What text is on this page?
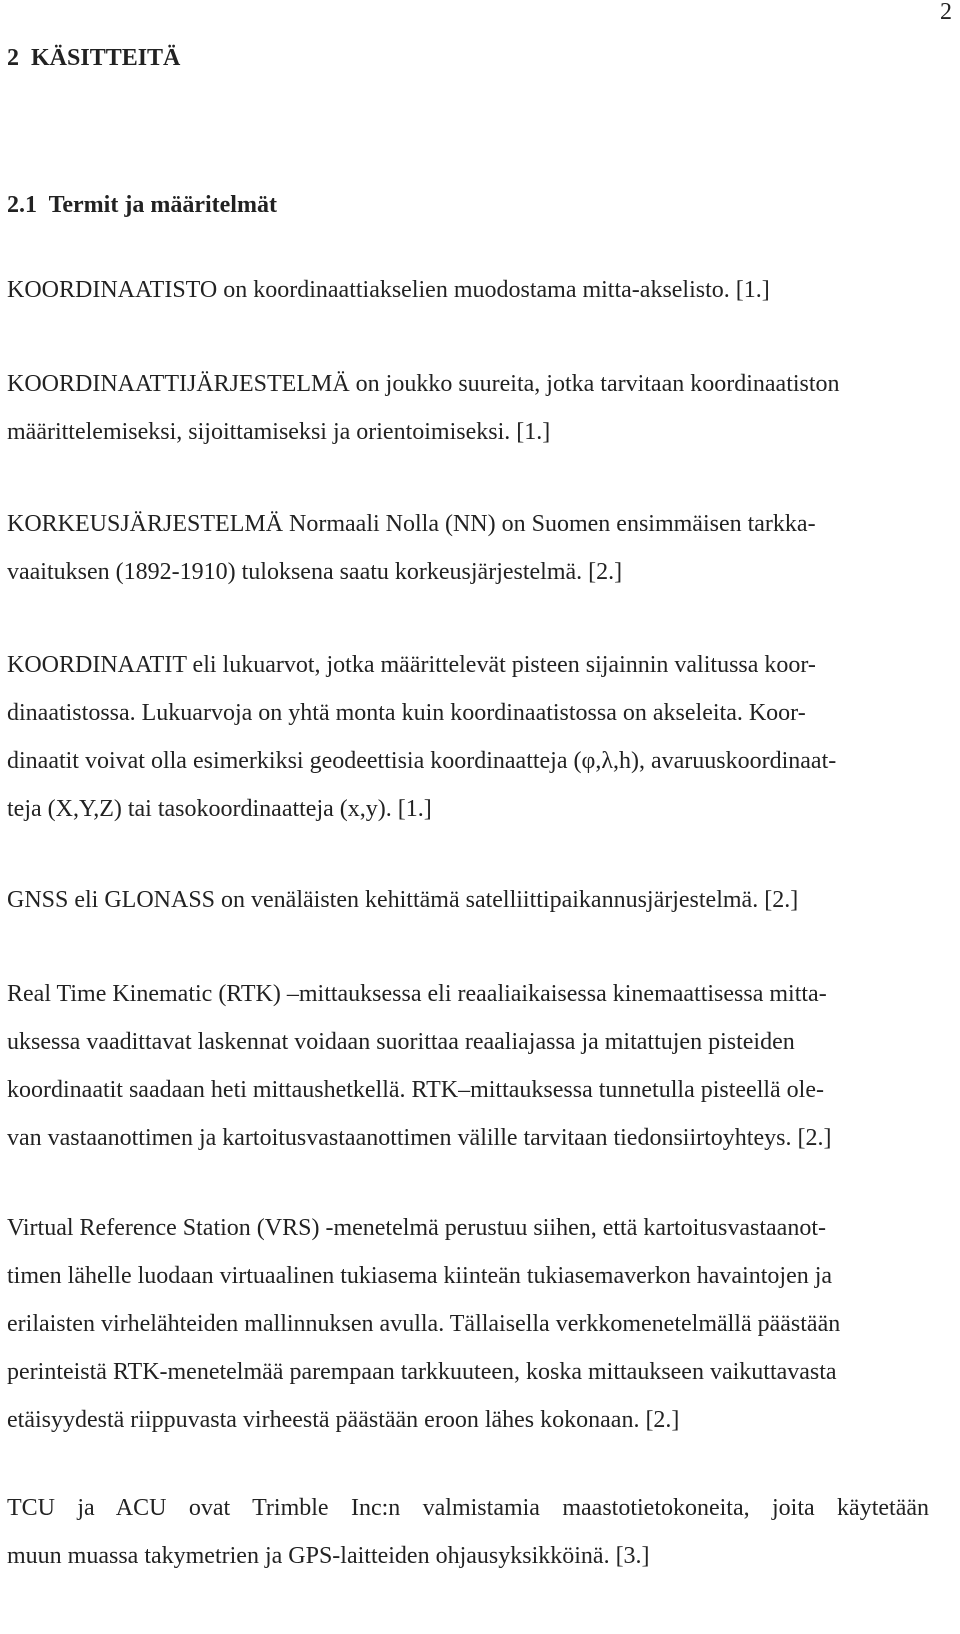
2
2  KÄSITTEITÄ
2.1  Termit ja määritelmät

KOORDINAATISTO on koordinaattiakselien muodostama mitta-akselisto. [1.]

KOORDINAATTIJÄRJESTELMÄ on joukko suureita, jotka tarvitaan koordinaatiston
määrittelemiseksi, sijoittamiseksi ja orientoimiseksi. [1.]

KORKEUSJÄRJESTELMÄ Normaali Nolla (NN) on Suomen ensimmäisen tarkka-
vaaituksen (1892-1910) tuloksena saatu korkeusjärjestelmä. [2.]

KOORDINAATIT eli lukuarvot, jotka määrittelevät pisteen sijainnin valitussa koor-
dinaatistossa. Lukuarvoja on yhtä monta kuin koordinaatistossa on akseleita. Koor-
dinaatit voivat olla esimerkiksi geodeettisia koordinaatteja (φ,λ,h), avaruuskoordinaat-
teja (X,Y,Z) tai tasokoordinaatteja (x,y). [1.]

GNSS eli GLONASS on venäläisten kehittämä satelliittipaikannusjärjestelmä. [2.]

Real Time Kinematic (RTK) –mittauksessa eli reaaliaikaisessa kinemaattisessa mitta-
uksessa vaadittavat laskennat voidaan suorittaa reaaliajassa ja mitattujen pisteiden
koordinaatit saadaan heti mittaushetkellä. RTK–mittauksessa tunnetulla pisteellä ole-
van vastaanottimen ja kartoitusvastaanottimen välille tarvitaan tiedonsiirtoyhteys. [2.]

Virtual Reference Station (VRS) -menetelmä perustuu siihen, että kartoitusvastaanot-
timen lähelle luodaan virtuaalinen tukiasema kiinteän tukiasemaverkon havaintojen ja
erilaisten virhelähteiden mallinnuksen avulla. Tällaisella verkkomenetelmällä päästään
perinteistä RTK-menetelmää parempaan tarkkuuteen, koska mittaukseen vaikuttavasta
etäisyydestä riippuvasta virheestä päästään eroon lähes kokonaan. [2.]

TCU ja ACU ovat Trimble Inc:n valmistamia maastotietokoneita, joita käytetään
muun muassa takymetrien ja GPS-laitteiden ohjausyksikköinä. [3.]
